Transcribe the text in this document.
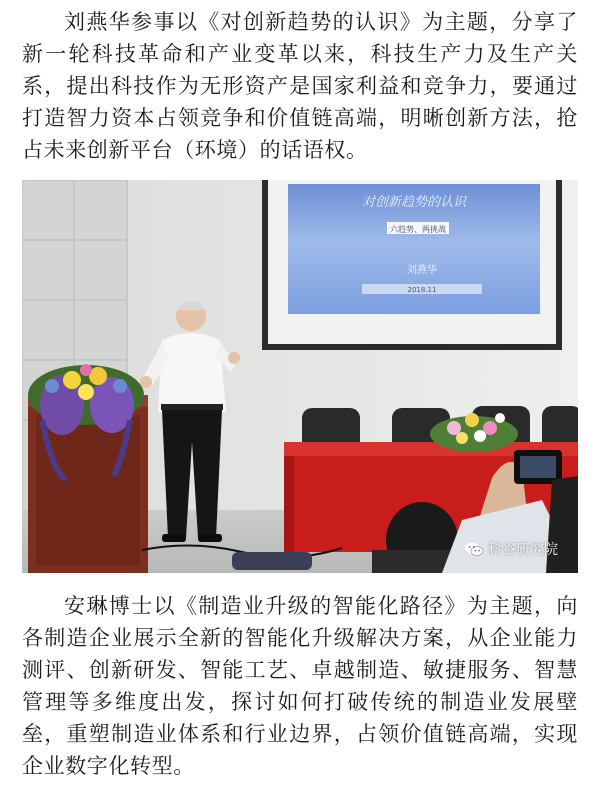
刘燕华参事以《对创新趋势的认识》为主题，分享了新一轮科技革命和产业变革以来，科技生产力及生产关系，提出科技作为无形资产是国家利益和竞争力，要通过打造智力资本占领竞争和价值链高端，明晰创新方法，抢占未来创新平台（环境）的话语权。

对创新趋势的认识
六趋势、两挑战
刘燕华
2018.11
科谷研究院

安琳博士以《制造业升级的智能化路径》为主题，向各制造企业展示全新的智能化升级解决方案，从企业能力测评、创新研发、智能工艺、卓越制造、敏捷服务、智慧管理等多维度出发，探讨如何打破传统的制造业发展壁垒，重塑制造业体系和行业边界，占领价值链高端，实现企业数字化转型。
